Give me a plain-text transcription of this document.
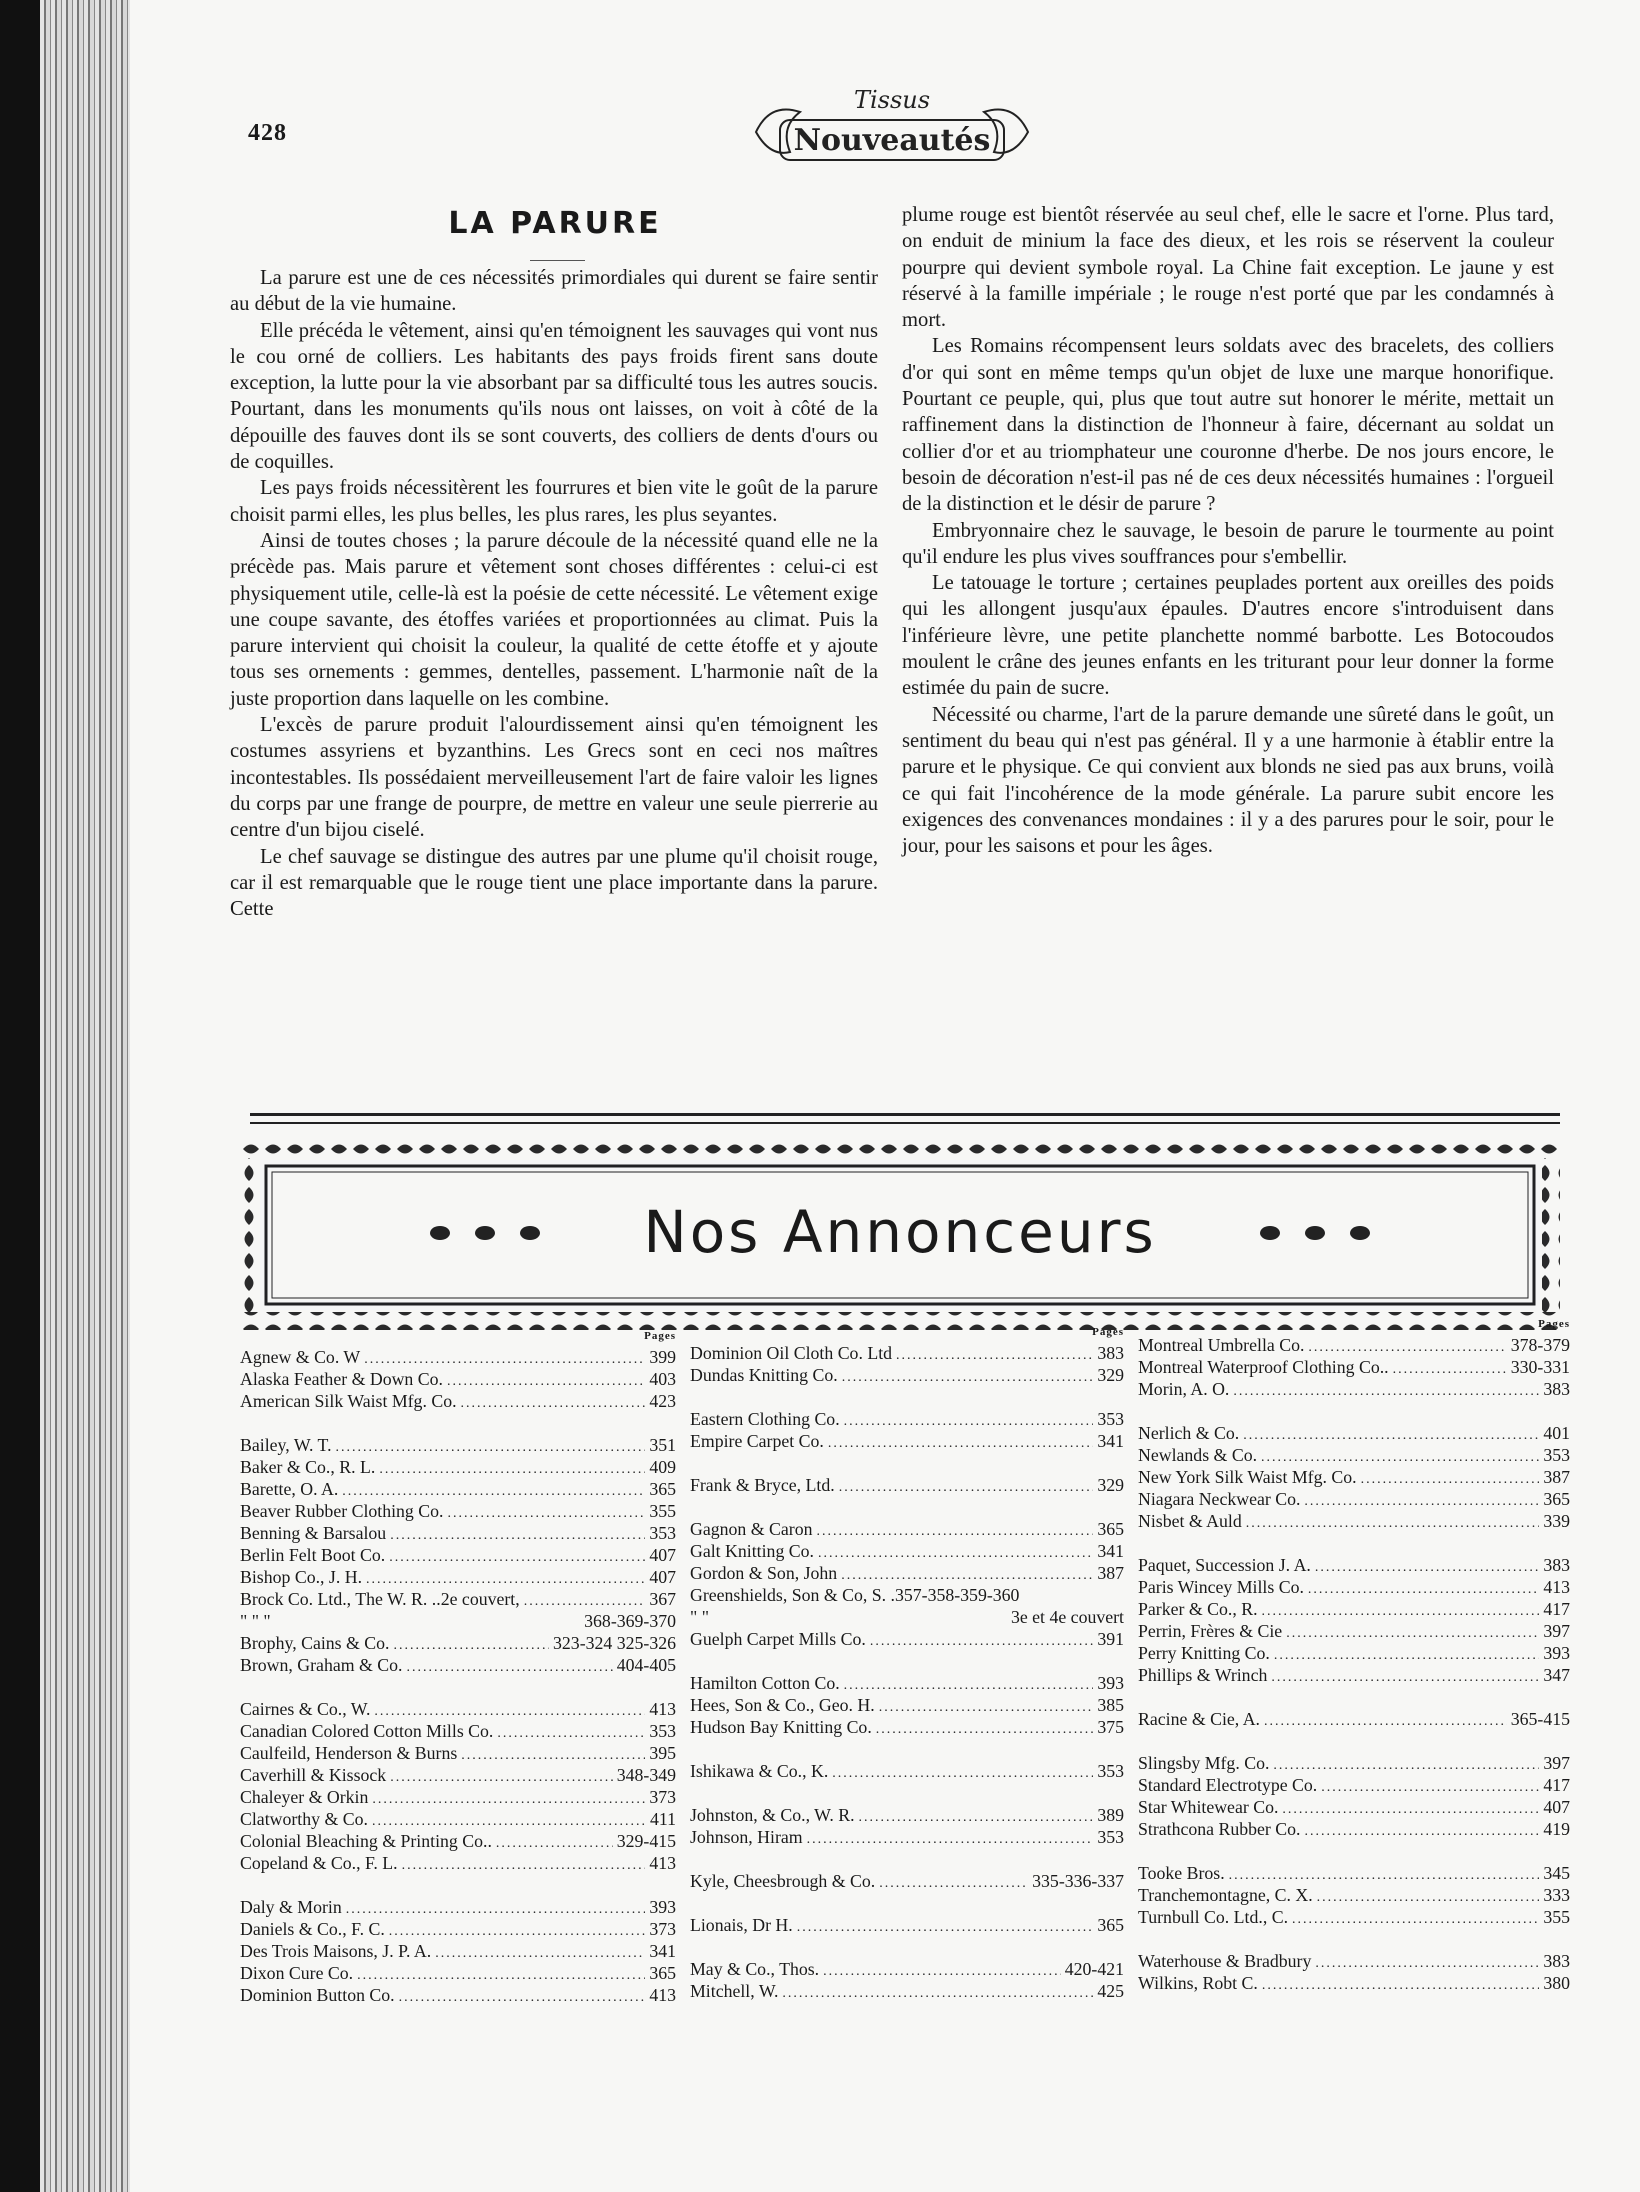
428
Tissus
Nouveautés
LA PARURE

La parure est une de ces nécessités primordiales qui durent se faire sentir au début de la vie humaine.

Elle précéda le vêtement, ainsi qu'en témoignent les sauvages qui vont nus le cou orné de colliers. Les habitants des pays froids firent sans doute exception, la lutte pour la vie absorbant par sa difficulté tous les autres soucis. Pourtant, dans les monuments qu'ils nous ont laisses, on voit à côté de la dépouille des fauves dont ils se sont couverts, des colliers de dents d'ours ou de coquilles.

Les pays froids nécessitèrent les fourrures et bien vite le goût de la parure choisit parmi elles, les plus belles, les plus rares, les plus seyantes.

Ainsi de toutes choses ; la parure découle de la nécessité quand elle ne la précède pas. Mais parure et vêtement sont choses différentes : celui-ci est physiquement utile, celle-là est la poésie de cette nécessité. Le vêtement exige une coupe savante, des étoffes variées et proportionnées au climat. Puis la parure intervient qui choisit la couleur, la qualité de cette étoffe et y ajoute tous ses ornements : gemmes, dentelles, passement. L'harmonie naît de la juste proportion dans laquelle on les combine.

L'excès de parure produit l'alourdissement ainsi qu'en témoignent les costumes assyriens et byzanthins. Les Grecs sont en ceci nos maîtres incontestables. Ils possédaient merveilleusement l'art de faire valoir les lignes du corps par une frange de pourpre, de mettre en valeur une seule pierrerie au centre d'un bijou ciselé.

Le chef sauvage se distingue des autres par une plume qu'il choisit rouge, car il est remarquable que le rouge tient une place importante dans la parure. Cette

plume rouge est bientôt réservée au seul chef, elle le sacre et l'orne. Plus tard, on enduit de minium la face des dieux, et les rois se réservent la couleur pourpre qui devient symbole royal. La Chine fait exception. Le jaune y est réservé à la famille impériale ; le rouge n'est porté que par les condamnés à mort.

Les Romains récompensent leurs soldats avec des bracelets, des colliers d'or qui sont en même temps qu'un objet de luxe une marque honorifique. Pourtant ce peuple, qui, plus que tout autre sut honorer le mérite, mettait un raffinement dans la distinction de l'honneur à faire, décernant au soldat un collier d'or et au triomphateur une couronne d'herbe. De nos jours encore, le besoin de décoration n'est-il pas né de ces deux nécessités humaines : l'orgueil de la distinction et le désir de parure ?

Embryonnaire chez le sauvage, le besoin de parure le tourmente au point qu'il endure les plus vives souffrances pour s'embellir.

Le tatouage le torture ; certaines peuplades portent aux oreilles des poids qui les allongent jusqu'aux épaules. D'autres encore s'introduisent dans l'inférieure lèvre, une petite planchette nommé barbotte. Les Botocoudos moulent le crâne des jeunes enfants en les triturant pour leur donner la forme estimée du pain de sucre.

Nécessité ou charme, l'art de la parure demande une sûreté dans le goût, un sentiment du beau qui n'est pas général. Il y a une harmonie à établir entre la parure et le physique. Ce qui convient aux blonds ne sied pas aux bruns, voilà ce qui fait l'incohérence de la mode générale. La parure subit encore les exigences des convenances mondaines : il y a des parures pour le soir, pour le jour, pour les saisons et pour les âges.

Nos Annonceurs
Pages
Agnew & Co. W .....	399
Alaska Feather & Down Co. .....	403
American Silk Waist Mfg. Co. .....	423
Bailey, W. T. .....	351
Baker & Co., R. L. .....	409
Barette, O. A. .....	365
Beaver Rubber Clothing Co. .....	355
Benning & Barsalou .....	353
Berlin Felt Boot Co. .....	407
Bishop Co., J. H. .....	407
Brock Co. Ltd., The W. R. ..2e couvert, .....	367
" " "	368-369-370
Brophy, Cains & Co. .....	323-324 325-326
Brown, Graham & Co. .....	404-405
Cairnes & Co., W. .....	413
Canadian Colored Cotton Mills Co. .....	353
Caulfeild, Henderson & Burns .....	395
Caverhill & Kissock .....	348-349
Chaleyer & Orkin .....	373
Clatworthy & Co. .....	411
Colonial Bleaching & Printing Co.. .....	329-415
Copeland & Co., F. L. .....	413
Daly & Morin .....	393
Daniels & Co., F. C. .....	373
Des Trois Maisons, J. P. A. .....	341
Dixon Cure Co. .....	365
Dominion Button Co. .....	413
Pages
Dominion Oil Cloth Co. Ltd .....	383
Dundas Knitting Co. .....	329
Eastern Clothing Co. .....	353
Empire Carpet Co. .....	341
Frank & Bryce, Ltd. .....	329
Gagnon & Caron .....	365
Galt Knitting Co. .....	341
Gordon & Son, John .....	387
Greenshields, Son & Co, S. .357-358-359-360
" "	3e et 4e couvert
Guelph Carpet Mills Co. .....	391
Hamilton Cotton Co. .....	393
Hees, Son & Co., Geo. H. .....	385
Hudson Bay Knitting Co. .....	375
Ishikawa & Co., K. .....	353
Johnston, & Co., W. R. .....	389
Johnson, Hiram .....	353
Kyle, Cheesbrough & Co. .....	335-336-337
Lionais, Dr H. .....	365
May & Co., Thos. .....	420-421
Mitchell, W. .....	425
Pages
Montreal Umbrella Co. .....	378-379
Montreal Waterproof Clothing Co.. .....	330-331
Morin, A. O. .....	383
Nerlich & Co. .....	401
Newlands & Co. .....	353
New York Silk Waist Mfg. Co. .....	387
Niagara Neckwear Co. .....	365
Nisbet & Auld .....	339
Paquet, Succession J. A. .....	383
Paris Wincey Mills Co. .....	413
Parker & Co., R. .....	417
Perrin, Frères & Cie .....	397
Perry Knitting Co. .....	393
Phillips & Wrinch .....	347
Racine & Cie, A. .....	365-415
Slingsby Mfg. Co. .....	397
Standard Electrotype Co. .....	417
Star Whitewear Co. .....	407
Strathcona Rubber Co. .....	419
Tooke Bros. .....	345
Tranchemontagne, C. X. .....	333
Turnbull Co. Ltd., C. .....	355
Waterhouse & Bradbury .....	383
Wilkins, Robt C. .....	380
